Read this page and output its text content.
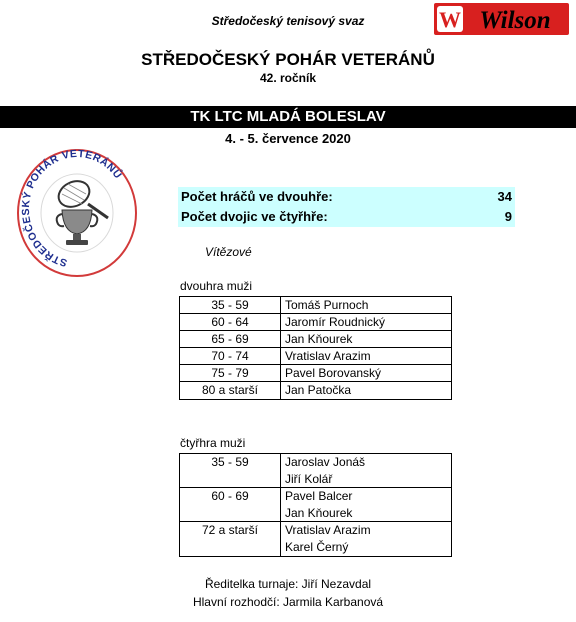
Středočeský tenisový svaz	W Wilson
STŘEDOČESKÝ POHÁR VETERÁNŮ
42. ročník
TK LTC MLADÁ BOLESLAV
4. - 5. července 2020
STŘEDOČESKÝ POHÁR VETERÁNŮ
Počet hráčů ve dvouhře:	34
Počet dvojic ve čtyřhře:	9
Vítězové
dvouhra muži
35 - 59	Tomáš Purnoch
60 - 64	Jaromír Roudnický
65 - 69	Jan Kňourek
70 - 74	Vratislav Arazim
75 - 79	Pavel Borovanský
80 a starší	Jan Patočka
čtyřhra muži
35 - 59	Jaroslav Jonáš
Jiří Kolář
60 - 69	Pavel Balcer
Jan Kňourek
72 a starší	Vratislav Arazim
Karel Černý
Ředitelka turnaje: Jiří Nezavdal
Hlavní rozhodčí: Jarmila Karbanová
